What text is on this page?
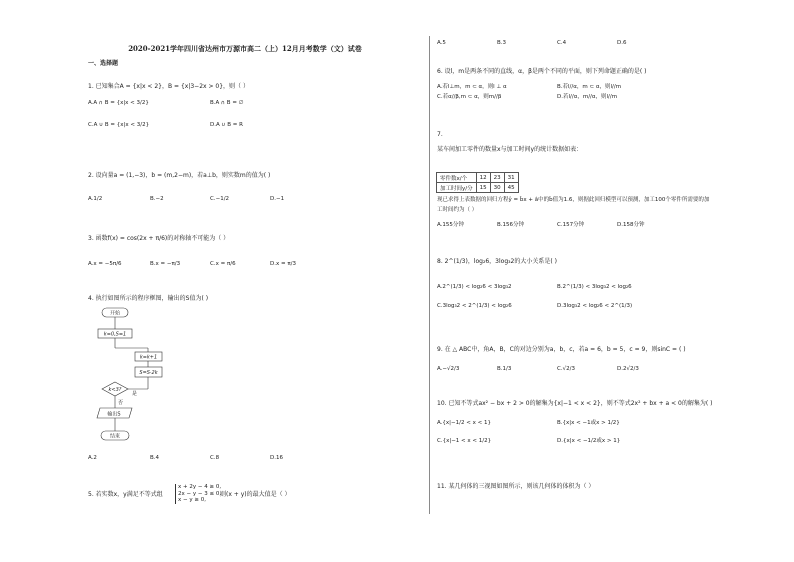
2020-2021学年四川省达州市万源市高二（上）12月月考数学（文）试卷
一、选择题
1. 已知集合A = {x|x < 2}，B = {x|3−2x > 0}，则（ ）
A.A ∩ B = {x|x < 3/2}	B.A ∩ B = ∅
C.A ∪ B = {x|x < 3/2}	D.A ∪ B = R
2. 设向量a = (1,−3)，b = (m,2−m)，若a⊥b，则实数m的值为( )
A.1/2	B.−2	C.−1/2	D.−1
3. 函数f(x) = cos(2x + π/6)的对称轴不可能为（ ）
A.x = −5π/6	B.x = −π/3	C.x = π/6	D.x = π/3
4. 执行如图所示的程序框图，输出的S值为( )
开始
k=0,S=1
k=k+1
S=S·2k
k<3?
是
否
输出S
结束
A.2	B.4	C.8	D.16
5. 若实数x，y满足不等式组
x + 2y − 4 ≥ 0,
2x − y − 3 ≤ 0,
x − y ≥ 0,
则(x + y)的最大值是（ ）
A.5	B.3	C.4	D.6
6. 设l，m是两条不同的直线，α，β是两个不同的平面，则下列命题正确的是( )
A.若l⊥m，m ⊂ α，则l ⊥ α	B.若l//α，m ⊂ α，则l//m
C.若α//β,m ⊂ α，则m//β	D.若l//α，m//α，则l//m
7.
某车间加工零件的数量x与加工时间y的统计数据如表：
零件数x/个	12	23	31
加工时间y/分	15	30	45
现已求得上表数据的回归方程ŷ = b̂x + â中的b̂值为1.6，则据此回归模型可以预测，加工100个零件所需要的加
工时间约为（ ）
A.155分钟	B.156分钟	C.157分钟	D.158分钟
8. 2^(1/3)，log₂6，3log₃2的大小关系是( )
A.2^(1/3) < log₂6 < 3log₃2	B.2^(1/3) < 3log₃2 < log₂6
C.3log₃2 < 2^(1/3) < log₂6	D.3log₃2 < log₂6 < 2^(1/3)
9. 在 △ ABC中，角A，B，C的对边分别为a，b，c，若a = 6，b = 5，c = 9，则sinC = ( )
A.−√2/3	B.1/3	C.√2/3	D.2√2/3
10. 已知不等式ax² − bx + 2 > 0的解集为{x|−1 < x < 2}，则不等式2x² + bx + a < 0的解集为( )
A.{x|−1/2 < x < 1}	B.{x|x < −1或x > 1/2}
C.{x|−1 < x < 1/2}	D.{x|x < −1/2或x > 1}
11. 某几何体的三视图如图所示，则该几何体的体积为（ ）
